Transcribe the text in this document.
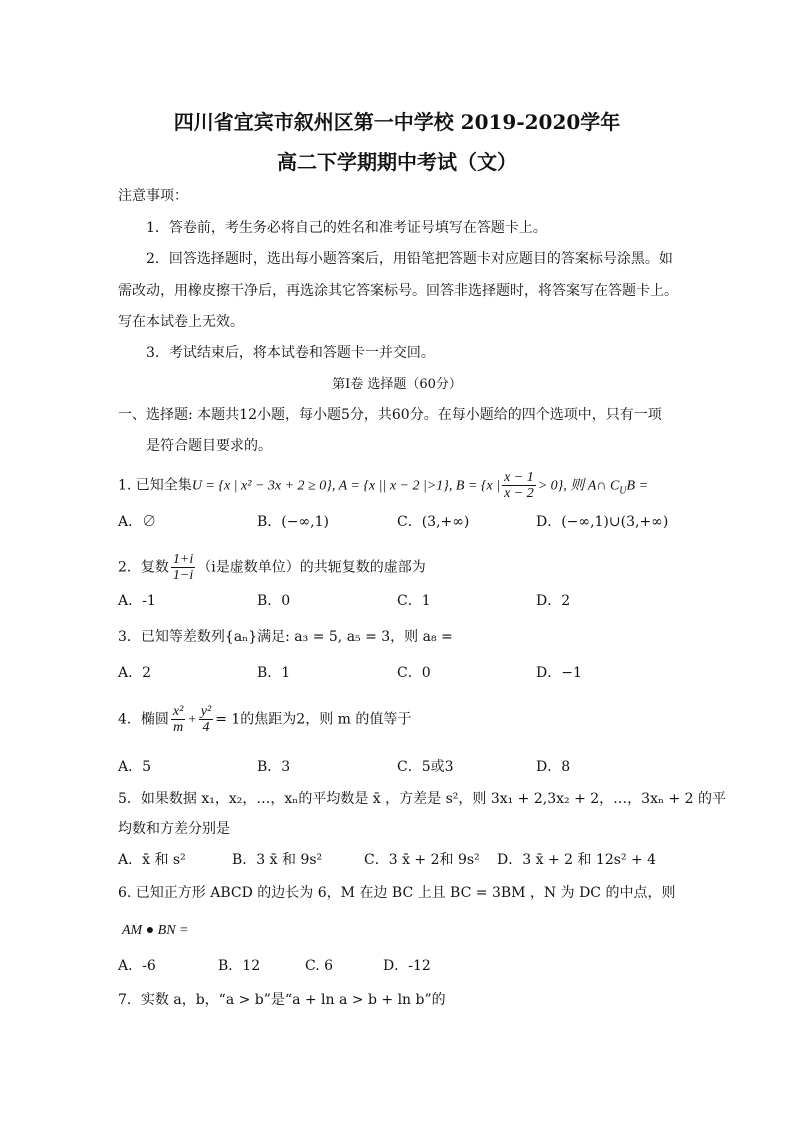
四川省宜宾市叙州区第一中学校 2019-2020学年
高二下学期期中考试（文）
注意事项：
1．答卷前，考生务必将自己的姓名和准考证号填写在答题卡上。
2．回答选择题时，选出每小题答案后，用铅笔把答题卡对应题目的答案标号涂黑。如
需改动，用橡皮擦干净后，再选涂其它答案标号。回答非选择题时，将答案写在答题卡上。
写在本试卷上无效。
3．考试结束后，将本试卷和答题卡一并交回。
第Ⅰ卷 选择题（60分）
一、选择题: 本题共12小题，每小题5分，共60分。在每小题给的四个选项中，只有一项
是符合题目要求的。
1. 已知全集U = {x | x² − 3x + 2 ≥ 0}, A = {x || x − 2 |>1}, B = {x | $\frac{x - 1}{x - 2} > 0$}, 则 A∩ $C_UB$ =
A．∅	B．(−∞,1)	C．(3,+∞)	D．(−∞,1)∪(3,+∞)
2．复数 $\frac{1+i}{1-i} (i$是虚数单位）的共轭复数的虚部为
A．-1	B．0	C．1	D．2
3．已知等差数列{aₙ}满足: a₃ = 5, a₅ = 3，则 a₈ =
A．2	B．1	C．0	D．−1
4．椭圆 $\frac{\text{x²}}{m} + \frac{\text{y²}}{4} = 1$的焦距为2，则 m 的值等于
A．5	B．3	C．5或3	D．8
5．如果数据 x₁，x₂，…，xₙ的平均数是 x̄ ，方差是 s²，则 3x₁ + 2,3x₂ + 2，…，3xₙ + 2 的平
均数和方差分别是
A．x̄ 和 s²	B．3 x̄ 和 9s²	C．3 x̄ + 2和 9s² D．3 x̄ + 2 和 12s² + 4
6. 已知正方形 ABCD 的边长为 6，M 在边 BC 上且 BC = 3BM ，N 为 DC 的中点，则
AM ● BN =
A．-6	B．12	C. 6	D．-12
7．实数 a，b，“a > b”是“a + ln a > b + ln b”的
